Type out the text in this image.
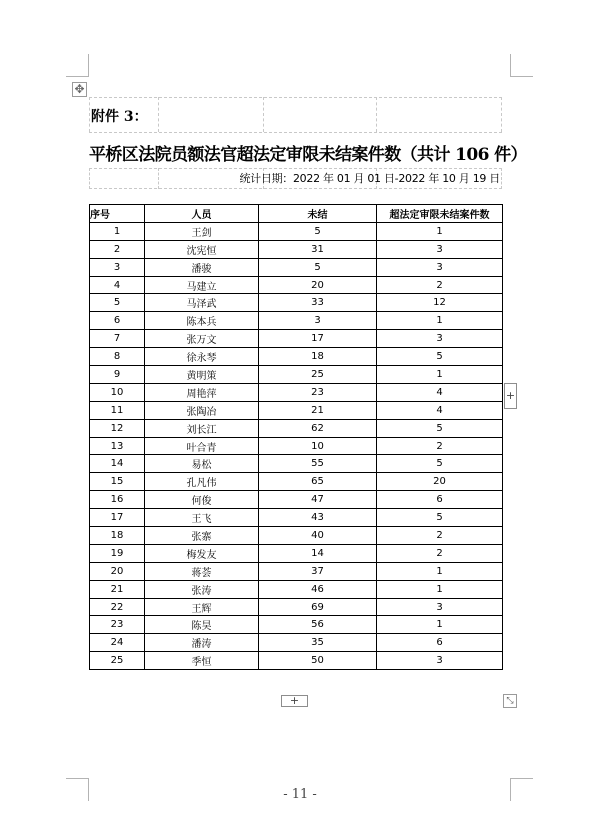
✥
附件 3：
平桥区法院员额法官超法定审限未结案件数（共计 106 件）
统计日期：2022 年 01 月 01 日-2022 年 10 月 19 日
序号	人员	未结	超法定审限未结案件数
1	王剑	5	1
2	沈宪恒	31	3
3	潘骏	5	3
4	马建立	20	2
5	马泽武	33	12
6	陈本兵	3	1
7	张万文	17	3
8	徐永琴	18	5
9	黄明策	25	1
10	周艳萍	23	4
11	张陶冶	21	4
12	刘长江	62	5
13	叶合青	10	2
14	易松	55	5
15	孔凡伟	65	20
16	何俊	47	6
17	王飞	43	5
18	张寨	40	2
19	梅发友	14	2
20	蒋荟	37	1
21	张涛	46	1
22	王辉	69	3
23	陈昊	56	1
24	潘涛	35	6
25	季恒	50	3
+
+	⤡
- 11 -
